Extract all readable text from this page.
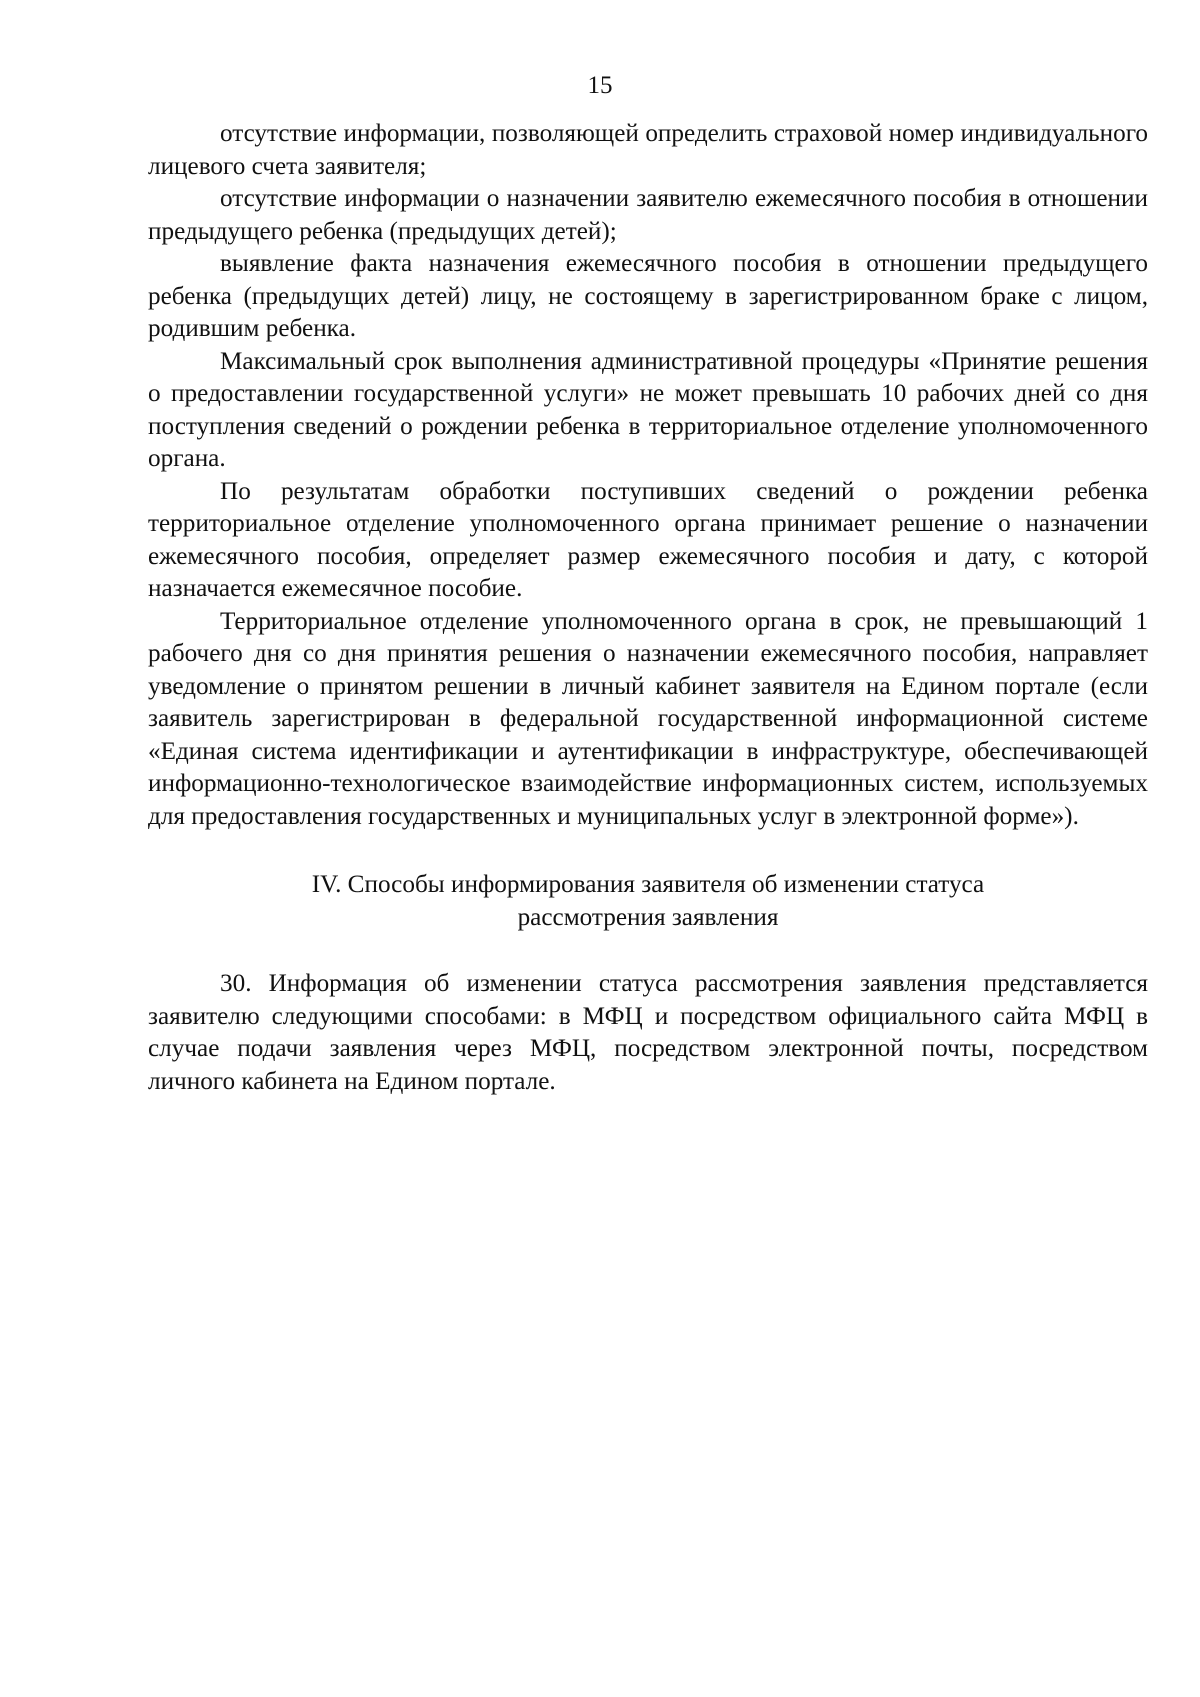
15

отсутствие информации, позволяющей определить страховой номер индивидуального лицевого счета заявителя;

отсутствие информации о назначении заявителю ежемесячного пособия в отношении предыдущего ребенка (предыдущих детей);

выявление факта назначения ежемесячного пособия в отношении предыдущего ребенка (предыдущих детей) лицу, не состоящему в зарегистрированном браке с лицом, родившим ребенка.

Максимальный срок выполнения административной процедуры «Принятие решения о предоставлении государственной услуги» не может превышать 10 рабочих дней со дня поступления сведений о рождении ребенка в территориальное отделение уполномоченного органа.

По результатам обработки поступивших сведений о рождении ребенка территориальное отделение уполномоченного органа принимает решение о назначении ежемесячного пособия, определяет размер ежемесячного пособия и дату, с которой назначается ежемесячное пособие.

Территориальное отделение уполномоченного органа в срок, не превышающий 1 рабочего дня со дня принятия решения о назначении ежемесячного пособия, направляет уведомление о принятом решении в личный кабинет заявителя на Едином портале (если заявитель зарегистрирован в федеральной государственной информационной системе «Единая система идентификации и аутентификации в инфраструктуре, обеспечивающей информационно-технологическое взаимодействие информационных систем, используемых для предоставления государственных и муниципальных услуг в электронной форме»).

IV. Способы информирования заявителя об изменении статуса
рассмотрения заявления

30. Информация об изменении статуса рассмотрения заявления представляется заявителю следующими способами: в МФЦ и посредством официального сайта МФЦ в случае подачи заявления через МФЦ, посредством электронной почты, посредством личного кабинета на Едином портале.
